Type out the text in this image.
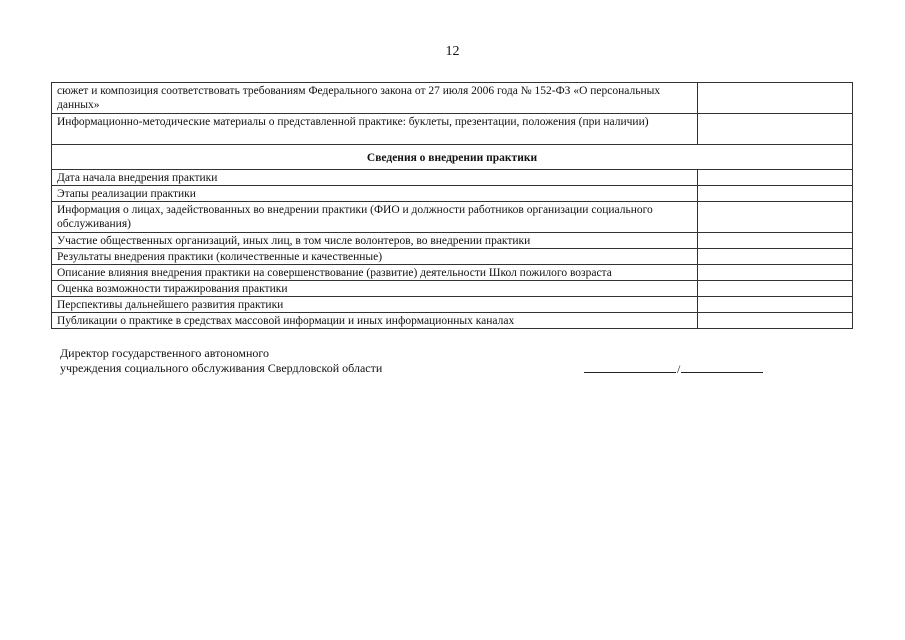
12
сюжет и композиция соответствовать требованиям Федерального закона от 27 июля 2006 года № 152-ФЗ «О персональных данных»	
Информационно-методические материалы о представленной практике: буклеты, презентации, положения (при наличии)	
Сведения о внедрении практики	
Дата начала внедрения практики	
Этапы реализации практики	
Информация о лицах, задействованных во внедрении практики (ФИО и должности работников организации социального обслуживания)	
Участие общественных организаций, иных лиц, в том числе волонтеров, во внедрении практики	
Результаты внедрения практики (количественные и качественные)	
Описание влияния внедрения практики на совершенствование (развитие) деятельности Школ пожилого возраста	
Оценка возможности тиражирования практики	
Перспективы дальнейшего развития практики	
Публикации о практике в средствах массовой информации и иных информационных каналах	
Директор государственного автономного
учреждения социального обслуживания Свердловской области	/
